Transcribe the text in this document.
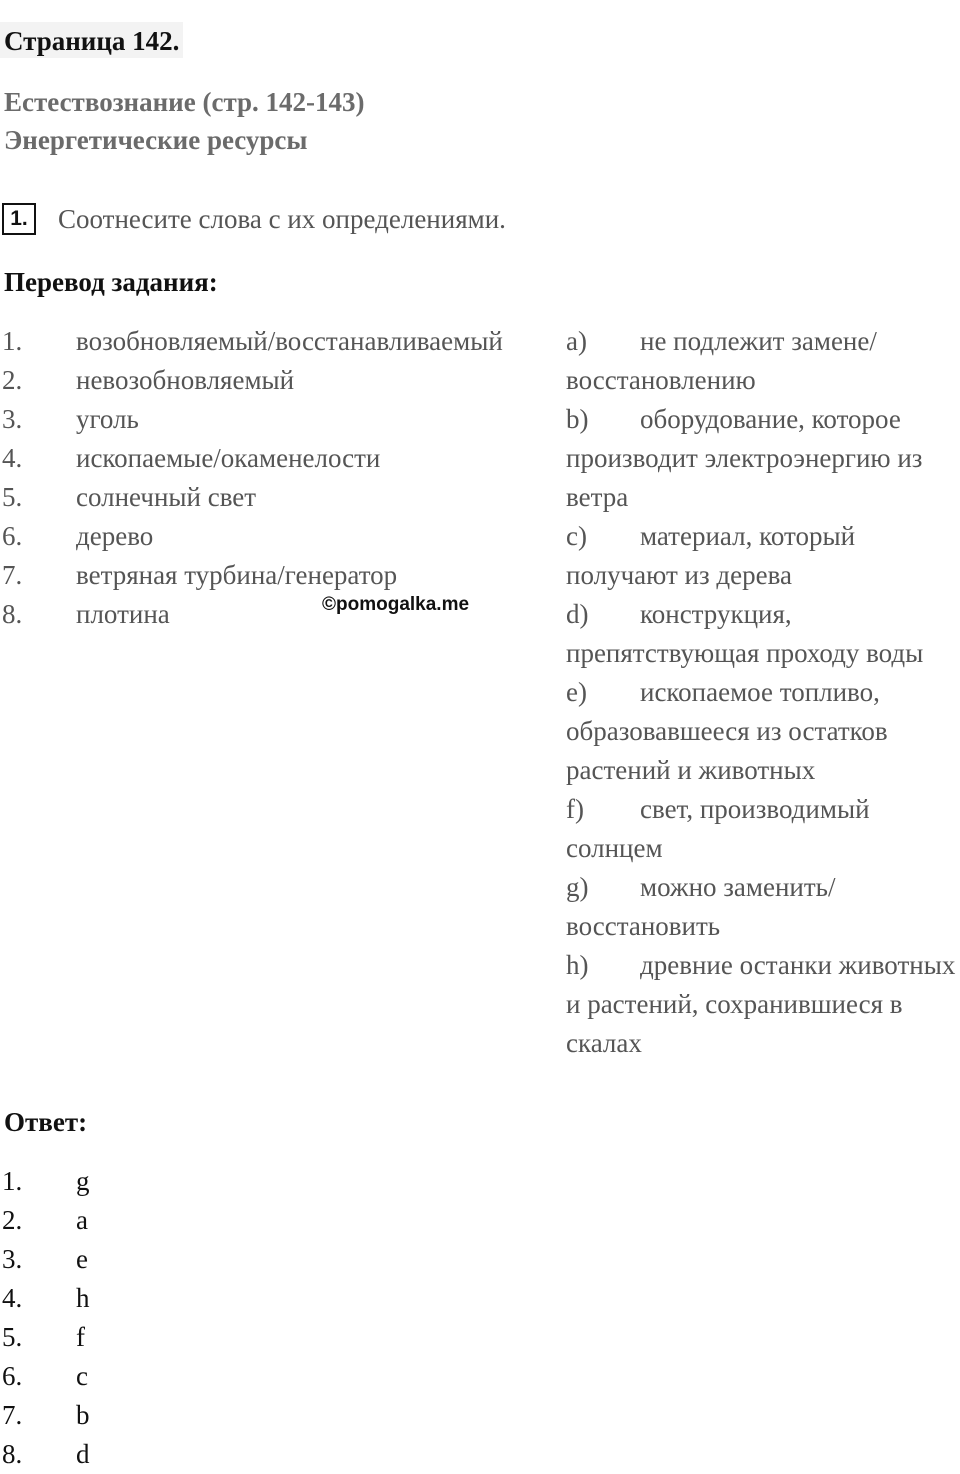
Страница 142.
Естествознание (стр. 142-143)
Энергетические ресурсы
1.	Соотнесите слова с их определениями.
Перевод задания:
1. возобновляемый/восстанавливаемый
2. невозобновляемый
3. уголь
4. ископаемые/окаменелости
5. солнечный свет
6. дерево
7. ветряная турбина/генератор
8. плотина

a) не подлежит замене/восстановлению

b) оборудование, которое производит электроэнергию из ветра

c) материал, который получают из дерева

d) конструкция, препятствующая проходу воды

e) ископаемое топливо, образовавшееся из остатков растений и животных

f) свет, производимый солнцем

g) можно заменить/восстановить

h) древние останки животных и растений, сохранившиеся в скалах

©pomogalka.me
Ответ:
1. g
2. a
3. e
4. h
5. f
6. c
7. b
8. d
